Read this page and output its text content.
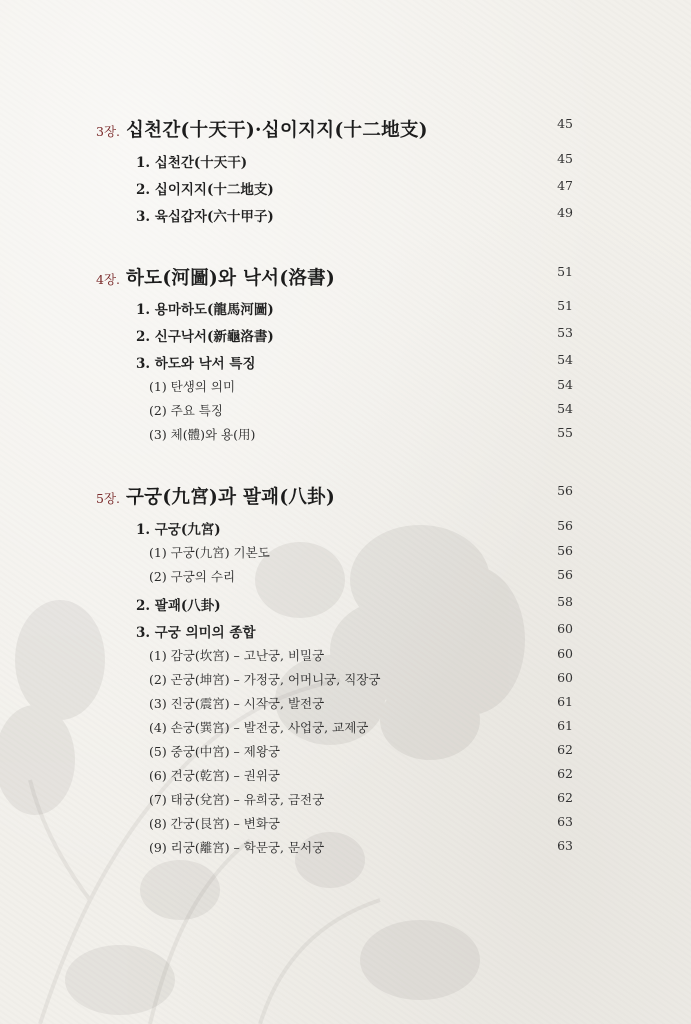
3장. 십천간(十天干)·십이지지(十二地支)	45
1. 십천간(十天干)	45
2. 십이지지(十二地支)	47
3. 육십갑자(六十甲子)	49
4장. 하도(河圖)와 낙서(洛書)	51
1. 용마하도(龍馬河圖)	51
2. 신구낙서(新龜洛書)	53
3. 하도와 낙서 특징	54
(1) 탄생의 의미	54
(2) 주요 특징	54
(3) 체(體)와 용(用)	55
5장. 구궁(九宮)과 팔괘(八卦)	56
1. 구궁(九宮)	56
(1) 구궁(九宮) 기본도	56
(2) 구궁의 수리	56
2. 팔괘(八卦)	58
3. 구궁 의미의 종합	60
(1) 감궁(坎宮) – 고난궁, 비밀궁	60
(2) 곤궁(坤宮) – 가정궁, 어머니궁, 직장궁	60
(3) 진궁(震宮) – 시작궁, 발전궁	61
(4) 손궁(巽宮) – 발전궁, 사업궁, 교제궁	61
(5) 중궁(中宮) – 제왕궁	62
(6) 건궁(乾宮) – 권위궁	62
(7) 태궁(兌宮) – 유희궁, 금전궁	62
(8) 간궁(艮宮) – 변화궁	63
(9) 리궁(離宮) – 학문궁, 문서궁	63
